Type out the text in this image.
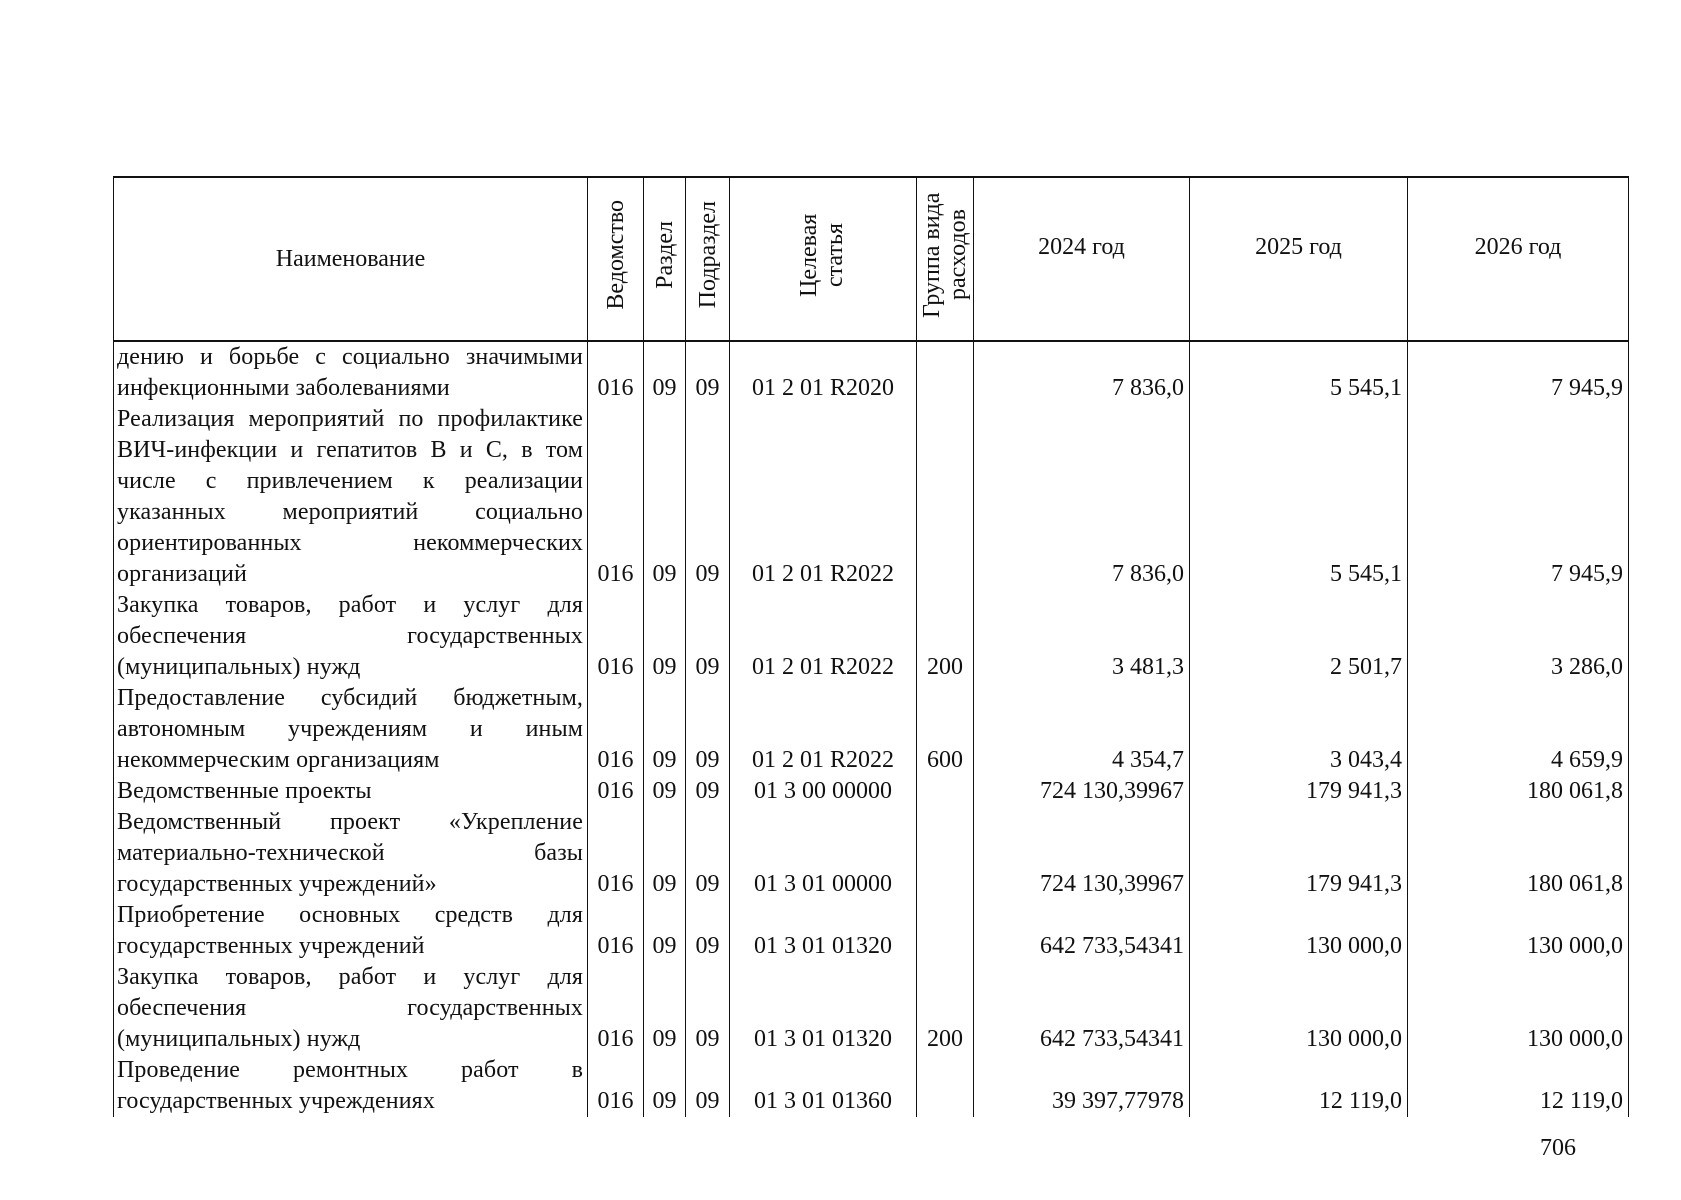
Наименование	Ведомство	Раздел	Подраздел	Целевая статья	Группа вида расходов	2024 год	2025 год	2026 год
дению и борьбе с социально значимыми инфекционными заболеваниями	016	09	09	01 2 01 R2020		7 836,0	5 545,1	7 945,9
Реализация мероприятий по профилактике ВИЧ-инфекции и гепатитов В и С, в том числе с привлечением к реализации указанных мероприятий социально ориентированных некоммерческих организаций	016	09	09	01 2 01 R2022		7 836,0	5 545,1	7 945,9
Закупка товаров, работ и услуг для обеспечения государственных (муниципальных) нужд	016	09	09	01 2 01 R2022	200	3 481,3	2 501,7	3 286,0
Предоставление субсидий бюджетным, автономным учреждениям и иным некоммерческим организациям	016	09	09	01 2 01 R2022	600	4 354,7	3 043,4	4 659,9
Ведомственные проекты	016	09	09	01 3 00 00000		724 130,39967	179 941,3	180 061,8
Ведомственный проект «Укрепление материально-технической базы государственных учреждений»	016	09	09	01 3 01 00000		724 130,39967	179 941,3	180 061,8
Приобретение основных средств для государственных учреждений	016	09	09	01 3 01 01320		642 733,54341	130 000,0	130 000,0
Закупка товаров, работ и услуг для обеспечения государственных (муниципальных) нужд	016	09	09	01 3 01 01320	200	642 733,54341	130 000,0	130 000,0
Проведение ремонтных работ в государственных учреждениях	016	09	09	01 3 01 01360		39 397,77978	12 119,0	12 119,0
706
